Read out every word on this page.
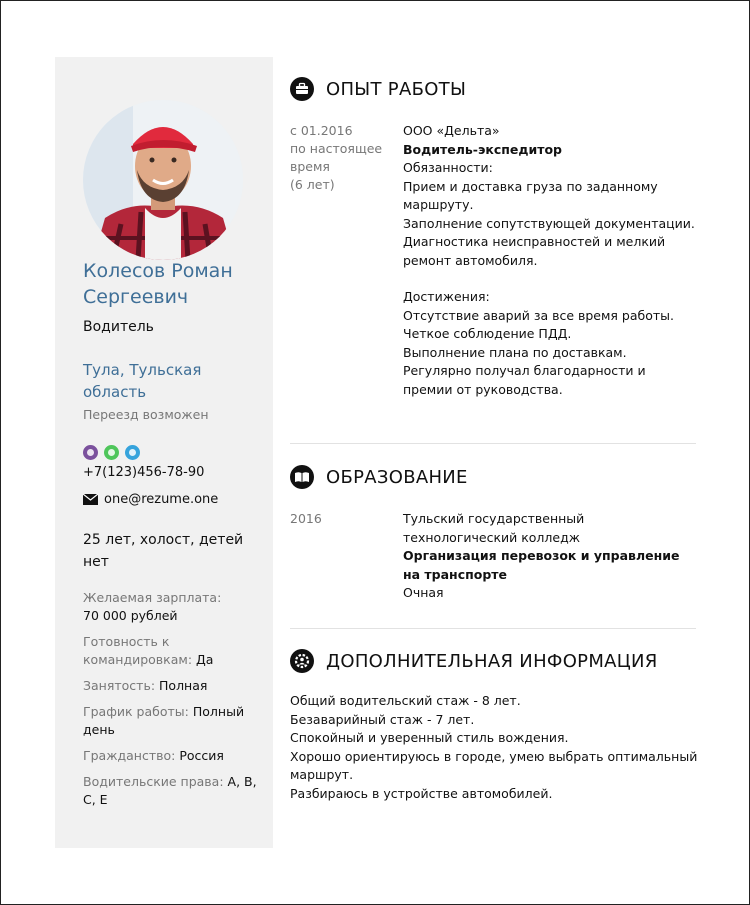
Колесов Роман Сергеевич
Водитель
Тула, Тульская область
Переезд возможен
+7(123)456-78-90
one@rezume.one
25 лет, холост, детей нет
Желаемая зарплата:
70 000 рублей
Готовность к командировкам: Да
Занятость: Полная
График работы: Полный день
Гражданство: Россия
Водительские права: A, B, C, E
ОПЫТ РАБОТЫ
с 01.2016
по настоящее время
(6 лет)
ООО «Дельта»
Водитель-экспедитор
Обязанности:
Прием и доставка груза по заданному маршруту.
Заполнение сопутствующей документации.
Диагностика неисправностей и мелкий ремонт автомобиля.
Достижения:
Отсутствие аварий за все время работы.
Четкое соблюдение ПДД.
Выполнение плана по доставкам.
Регулярно получал благодарности и премии от руководства.
ОБРАЗОВАНИЕ
2016	Тульский государственный технологический колледж
Организация перевозок и управление на транспорте
Очная
ДОПОЛНИТЕЛЬНАЯ ИНФОРМАЦИЯ
Общий водительский стаж - 8 лет.
Безаварийный стаж - 7 лет.
Спокойный и уверенный стиль вождения.
Хорошо ориентируюсь в городе, умею выбрать оптимальный маршрут.
Разбираюсь в устройстве автомобилей.
